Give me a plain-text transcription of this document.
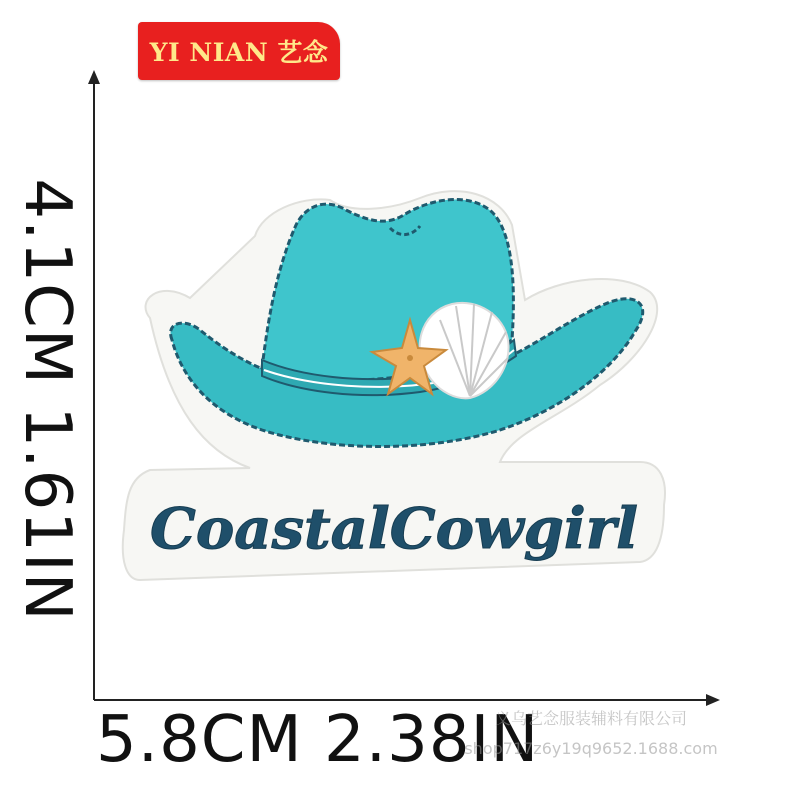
YI NIAN 艺念
4.1CM 1.61IN
5.8CM 2.38IN
CoastalCowgirl
义乌艺念服装辅料有限公司
shop717z6y19q9652.1688.com
